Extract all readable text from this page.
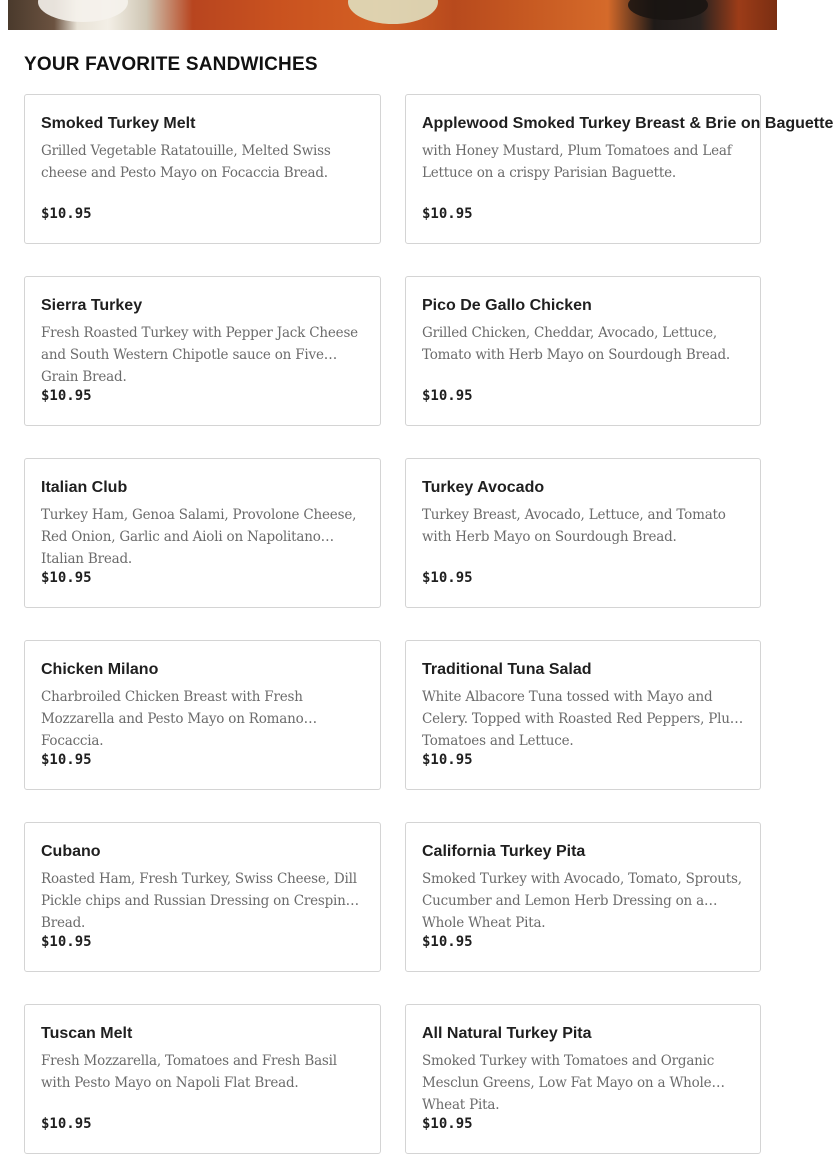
YOUR FAVORITE SANDWICHES
Smoked Turkey Melt

Grilled Vegetable Ratatouille, Melted Swiss cheese and Pesto Mayo on Focaccia Bread.

$10.95
Applewood Smoked Turkey Breast & Brie on Baguette

with Honey Mustard, Plum Tomatoes and Leaf Lettuce on a crispy Parisian Baguette.

$10.95
Sierra Turkey

Fresh Roasted Turkey with Pepper Jack Cheese and South Western Chipotle sauce on Five Grain Bread.

$10.95
Pico De Gallo Chicken

Grilled Chicken, Cheddar, Avocado, Lettuce, Tomato with Herb Mayo on Sourdough Bread.

$10.95
Italian Club

Turkey Ham, Genoa Salami, Provolone Cheese, Red Onion, Garlic and Aioli on Napolitano Italian Bread.

$10.95
Turkey Avocado

Turkey Breast, Avocado, Lettuce, and Tomato with Herb Mayo on Sourdough Bread.

$10.95
Chicken Milano

Charbroiled Chicken Breast with Fresh Mozzarella and Pesto Mayo on Romano Focaccia.

$10.95
Traditional Tuna Salad

White Albacore Tuna tossed with Mayo and Celery. Topped with Roasted Red Peppers, Plum Tomatoes and Lettuce.

$10.95
Cubano

Roasted Ham, Fresh Turkey, Swiss Cheese, Dill Pickle chips and Russian Dressing on Crespino Bread.

$10.95
California Turkey Pita

Smoked Turkey with Avocado, Tomato, Sprouts, Cucumber and Lemon Herb Dressing on a Whole Wheat Pita.

$10.95
Tuscan Melt

Fresh Mozzarella, Tomatoes and Fresh Basil with Pesto Mayo on Napoli Flat Bread.

$10.95
All Natural Turkey Pita

Smoked Turkey with Tomatoes and Organic Mesclun Greens, Low Fat Mayo on a Whole Wheat Pita.

$10.95
